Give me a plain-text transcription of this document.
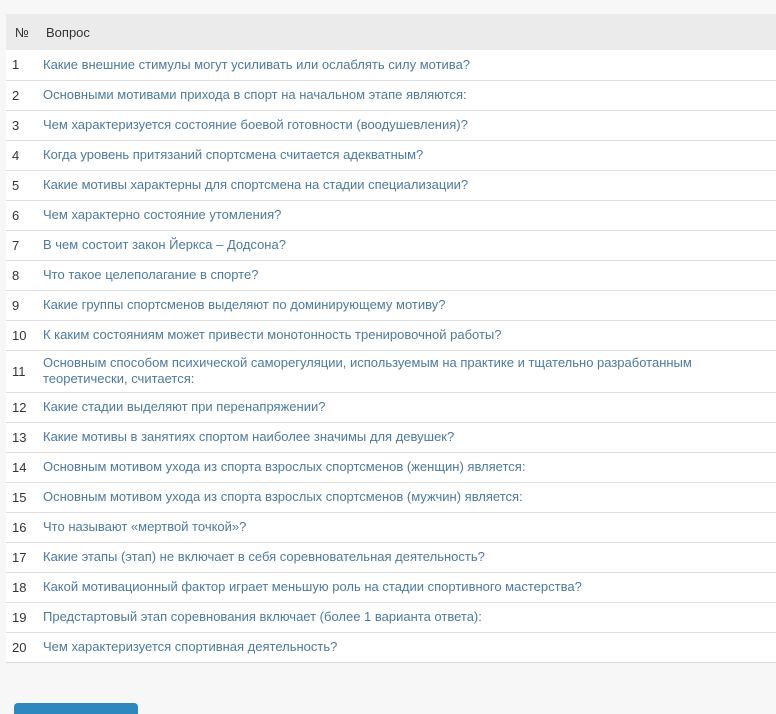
№	Вопрос
1	Какие внешние стимулы могут усиливать или ослаблять силу мотива?
2	Основными мотивами прихода в спорт на начальном этапе являются:
3	Чем характеризуется состояние боевой готовности (воодушевления)?
4	Когда уровень притязаний спортсмена считается адекватным?
5	Какие мотивы характерны для спортсмена на стадии специализации?
6	Чем характерно состояние утомления?
7	В чем состоит закон Йеркса – Додсона?
8	Что такое целеполагание в спорте?
9	Какие группы спортсменов выделяют по доминирующему мотиву?
10	К каким состояниям может привести монотонность тренировочной работы?
11	Основным способом психической саморегуляции, используемым на практике и тщательно разработанным теоретически, считается:
12	Какие стадии выделяют при перенапряжении?
13	Какие мотивы в занятиях спортом наиболее значимы для девушек?
14	Основным мотивом ухода из спорта взрослых спортсменов (женщин) является:
15	Основным мотивом ухода из спорта взрослых спортсменов (мужчин) является:
16	Что называют «мертвой точкой»?
17	Какие этапы (этап) не включает в себя соревновательная деятельность?
18	Какой мотивационный фактор играет меньшую роль на стадии спортивного мастерства?
19	Предстартовый этап соревнования включает (более 1 варианта ответа):
20	Чем характеризуется спортивная деятельность?
